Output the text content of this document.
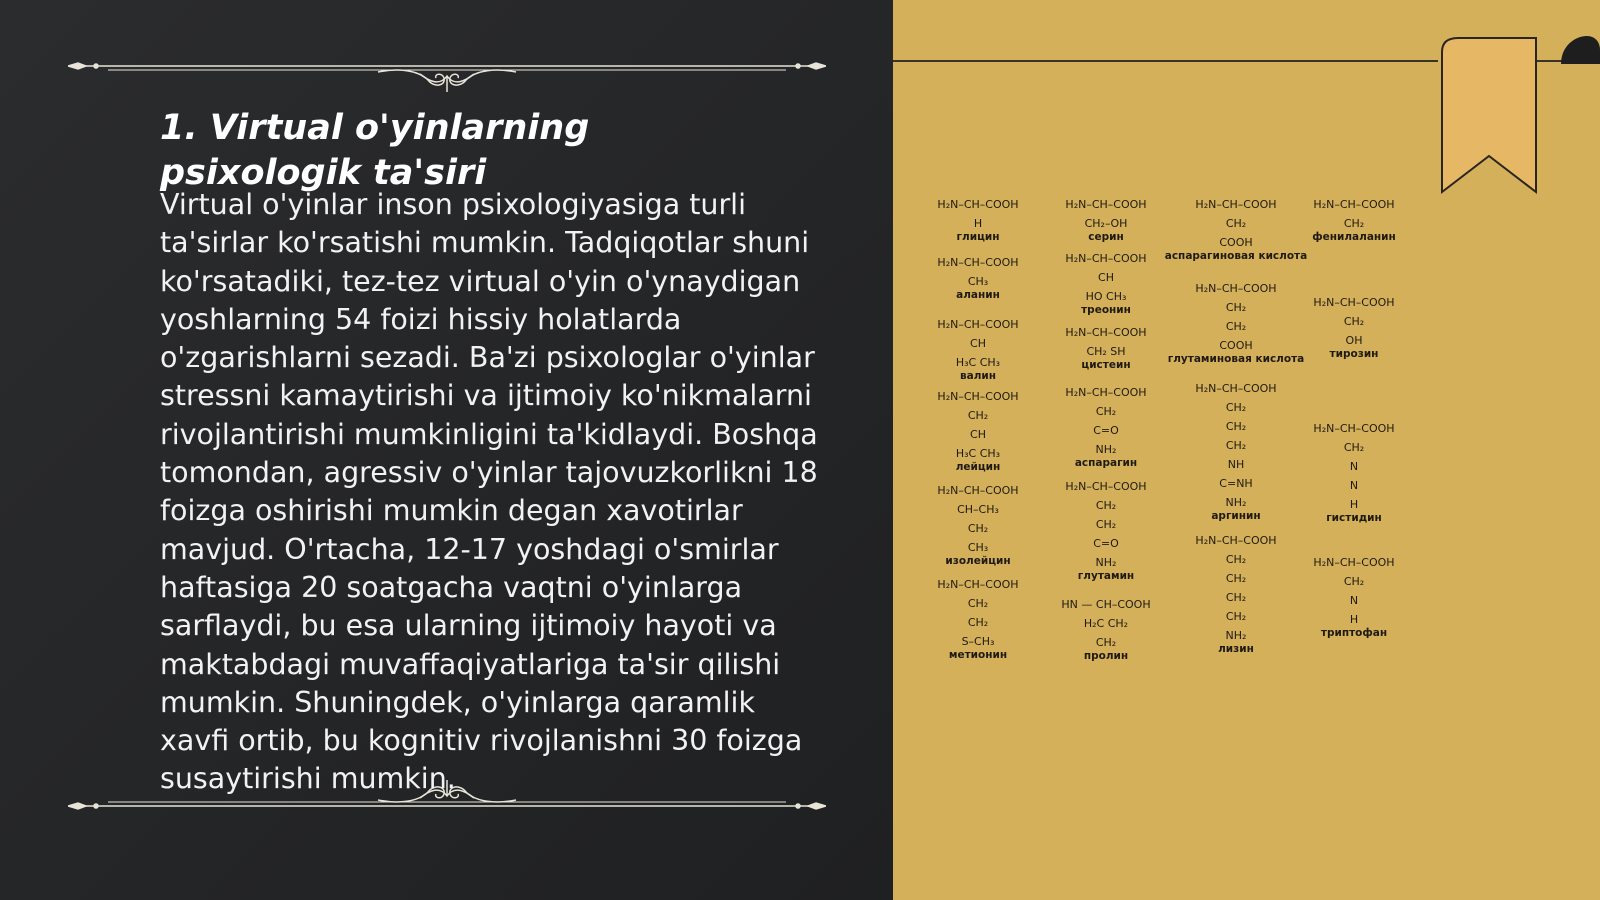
1. Virtual o'yinlarning psixologik ta'siri

Virtual o'yinlar inson psixologiyasiga turli ta'sirlar ko'rsatishi mumkin. Tadqiqotlar shuni ko'rsatadiki, tez-tez virtual o'yin o'ynaydigan yoshlarning 54 foizi hissiy holatlarda o'zgarishlarni sezadi. Ba'zi psixologlar o'yinlar stressni kamaytirishi va ijtimoiy ko'nikmalarni rivojlantirishi mumkinligini ta'kidlaydi. Boshqa tomondan, agressiv o'yinlar tajovuzkorlikni 18 foizga oshirishi mumkin degan xavotirlar mavjud. O'rtacha, 12-17 yoshdagi o'smirlar haftasiga 20 soatgacha vaqtni o'yinlarga sarflaydi, bu esa ularning ijtimoiy hayoti va maktabdagi muvaffaqiyatlariga ta'sir qilishi mumkin. Shuningdek, o'yinlarga qaramlik xavfi ortib, bu kognitiv rivojlanishni 30 foizga susaytirishi mumkin.

H₂N–CH–COOH
H
глицин
H₂N–CH–COOH
CH₃
аланин
H₂N–CH–COOH
CH
H₃C CH₃
валин
H₂N–CH–COOH
CH₂
CH
H₃C CH₃
лейцин
H₂N–CH–COOH
CH–CH₃
CH₂
CH₃
изолейцин
H₂N–CH–COOH
CH₂
CH₂
S–CH₃
метионин
H₂N–CH–COOH
CH₂–OH
серин
H₂N–CH–COOH
CH
HO CH₃
треонин
H₂N–CH–COOH
CH₂ SH
цистеин
H₂N–CH–COOH
CH₂
C=O
NH₂
аспарагин
H₂N–CH–COOH
CH₂
CH₂
C=O
NH₂
глутамин
HN — CH–COOH
H₂C CH₂
CH₂
пролин
H₂N–CH–COOH
CH₂
COOH
аспарагиновая кислота
H₂N–CH–COOH
CH₂
CH₂
COOH
глутаминовая кислота
H₂N–CH–COOH
CH₂
CH₂
CH₂
NH
C=NH
NH₂
аргинин
H₂N–CH–COOH
CH₂
CH₂
CH₂
CH₂
NH₂
лизин
H₂N–CH–COOH
CH₂
фенилаланин
H₂N–CH–COOH
CH₂
OH
тирозин
H₂N–CH–COOH
CH₂
N
N
H
гистидин
H₂N–CH–COOH
CH₂
N
H
триптофан
